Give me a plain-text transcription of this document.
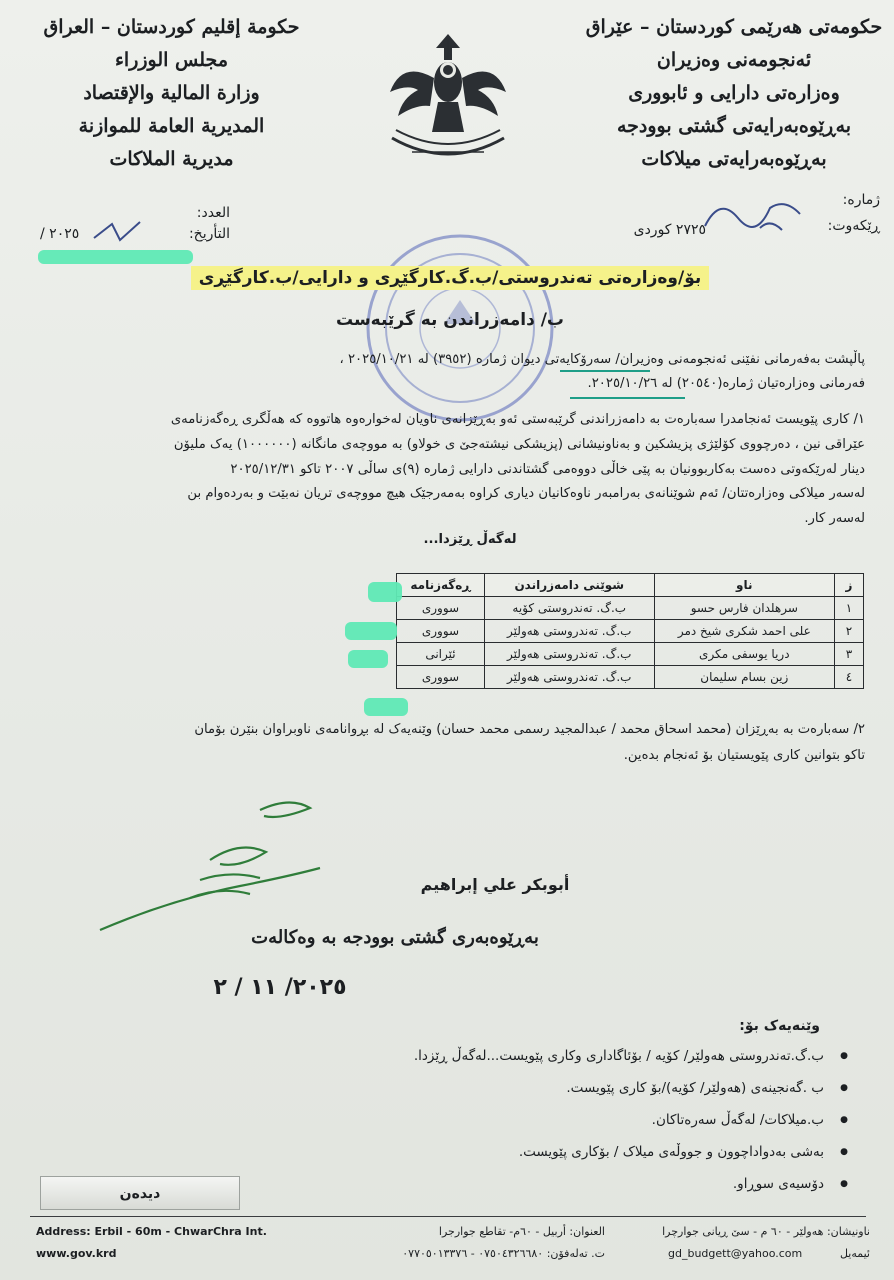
حكومة إقليم كوردستان – العراق
مجلس الوزراء
وزارة المالية والإقتصاد
المديرية العامة للموازنة
مديرية الملاكات
حکومەتی هەرێمی کوردستان – عێراق
ئەنجومەنی وەزیران
وەزارەتی دارایی و ئابووری
بەڕێوەبەرایەتی گشتی بوودجە
بەڕێوەبەرایەتی میلاکات
العدد:
التأريخ:
/ ٢٠٢٥
ژمارە:
ڕێکەوت:
٢٧٢٥ کوردی
بۆ/وەزارەتی تەندروستی/ب.گ.کارگێڕی و دارایی/ب.کارگێڕی
ب/ دامەزراندن بە گرێبەست
پاڵپشت بەفەرمانی نفێنی ئەنجومەنی وەزیران/ سەرۆکایەتی دیوان ژمارە (٣٩٥٢) لە ٢٠٢٥/١٠/٢١ ،
فەرمانی وەزارەتیان ژمارە(٢٠٥٤٠) لە ٢٠٢٥/١٠/٢٦.
١/ کاری پێویست ئەنجامدرا سەبارەت بە دامەزراندنی گرێبەستی ئەو بەڕێزانەی ناویان لەخوارەوە هاتووە کە هەڵگری ڕەگەزنامەی
عێراقی نین ، دەرچووی کۆلێژی پزیشکین و بەناونیشانی (پزیشکی نیشتەجێ ی خولاو) بە مووچەی مانگانە (١٠٠٠٠٠٠) یەک ملیۆن
دینار لەرێکەوتی دەست بەکاربوونیان بە پێی خاڵی دووەمی گشتاندنی دارایی ژمارە (٩)ی ساڵی ٢٠٠٧ تاکو ٢٠٢٥/١٢/٣١
لەسەر میلاکی وەزارەتتان/ ئەم شوێنانەی بەرامبەر ناوەکانیان دیاری کراوە بەمەرجێک هیچ مووچەی تریان نەبێت و بەردەوام بن
لەسەر کار.
لەگەڵ ڕێزدا...
ز	ناو	شوێنی دامەزراندن	ڕەگەزنامە
١	سرهلدان فارس حسو	ب.گ. تەندروستی کۆیە	سووری
٢	علی احمد شکری شیخ دمر	ب.گ. تەندروستی هەولێر	سووری
٣	دریا یوسفی مکری	ب.گ. تەندروستی هەولێر	ئێرانی
٤	زین بسام سلیمان	ب.گ. تەندروستی هەولێر	سووری
٢/ سەبارەت بە بەڕێزان (محمد اسحاق محمد / عبدالمجید رسمی محمد حسان) وێنەیەک لە بڕوانامەی ناوبراوان بنێرن بۆمان
تاکو بتوانین کاری پێویستیان بۆ ئەنجام بدەین.
أبوبكر علي إبراهيم
بەڕێوەبەری گشتی بوودجە بە وەکالەت
٢٠٢٥/ ١١ / ٢
وێنەیەک بۆ:
● ب.گ.تەندروستی هەولێر/ کۆیە / بۆئاگاداری وکاری پێویست...لەگەڵ ڕێزدا.
● ب .گەنجینەی (هەولێر/ کۆیە)/بۆ کاری پێویست.
● ب.میلاکات/ لەگەڵ سەرەتاکان.
● بەشی بەدواداچوون و جووڵەی میلاک / بۆکاری پێویست.
● دۆسیەی سوڕاو.
دیدەن
Address: Erbil - 60m - ChwarChra Int.
www.gov.krd
العنوان: أربيل - ٦٠م- تقاطع جوارجرا
ت. تەلەفۆن: ٠٧٥٠٤٣٢٦٦٨٠ - ٠٧٧٠٥٠١٣٣٧٦
ناونیشان: هەولێر - ٦٠ م - سێ ڕیانی جوارچرا
ئیمەیل
gd_budgett@yahoo.com
